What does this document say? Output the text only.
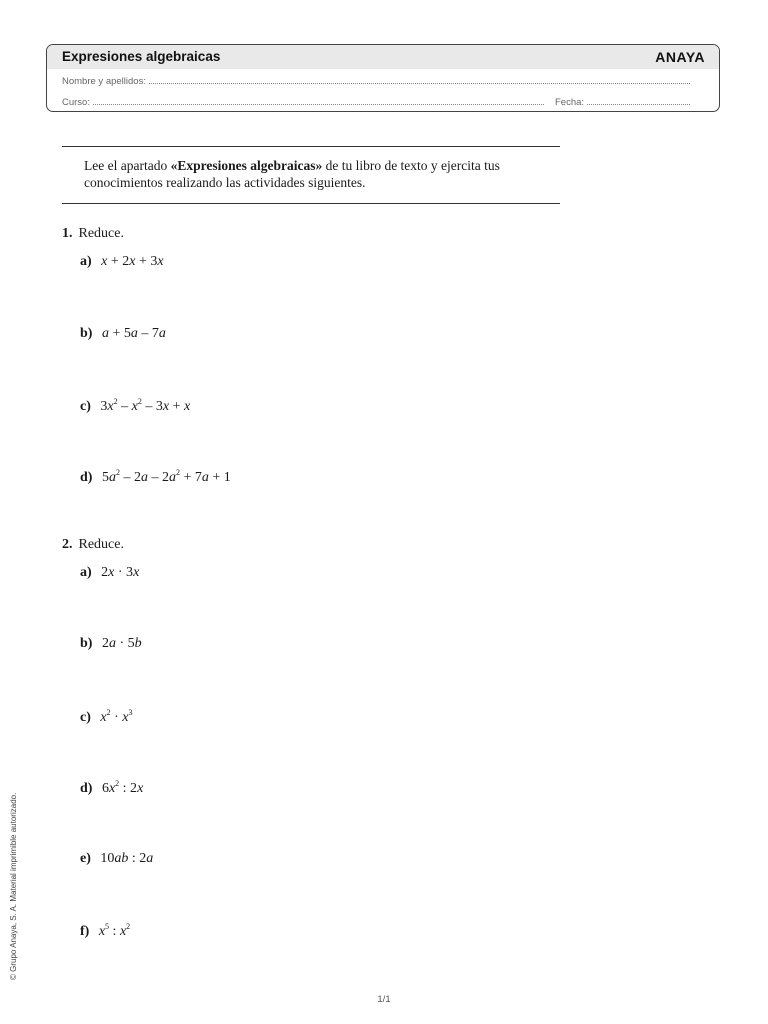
Expresiones algebraicas	ANAYA
Nombre y apellidos:
Curso:	Fecha:
Lee el apartado «Expresiones algebraicas» de tu libro de texto y ejercita tus conocimientos realizando las actividades siguientes.
1. Reduce.
a) x + 2x + 3x
b) a + 5a – 7a
c) $3x^2 - x^2 - 3x + x$
d) $5a^2 - 2a - 2a^2 + 7a + 1$
2. Reduce.
a) 2x · 3x
b) 2a · 5b
c) $x^2 \cdot x^3$
d) $6x^2$ : 2x
e) 10ab : 2a
f) $x^5$ : $x^2$
© Grupo Anaya, S. A. Material imprimible autorizado.
1/1
